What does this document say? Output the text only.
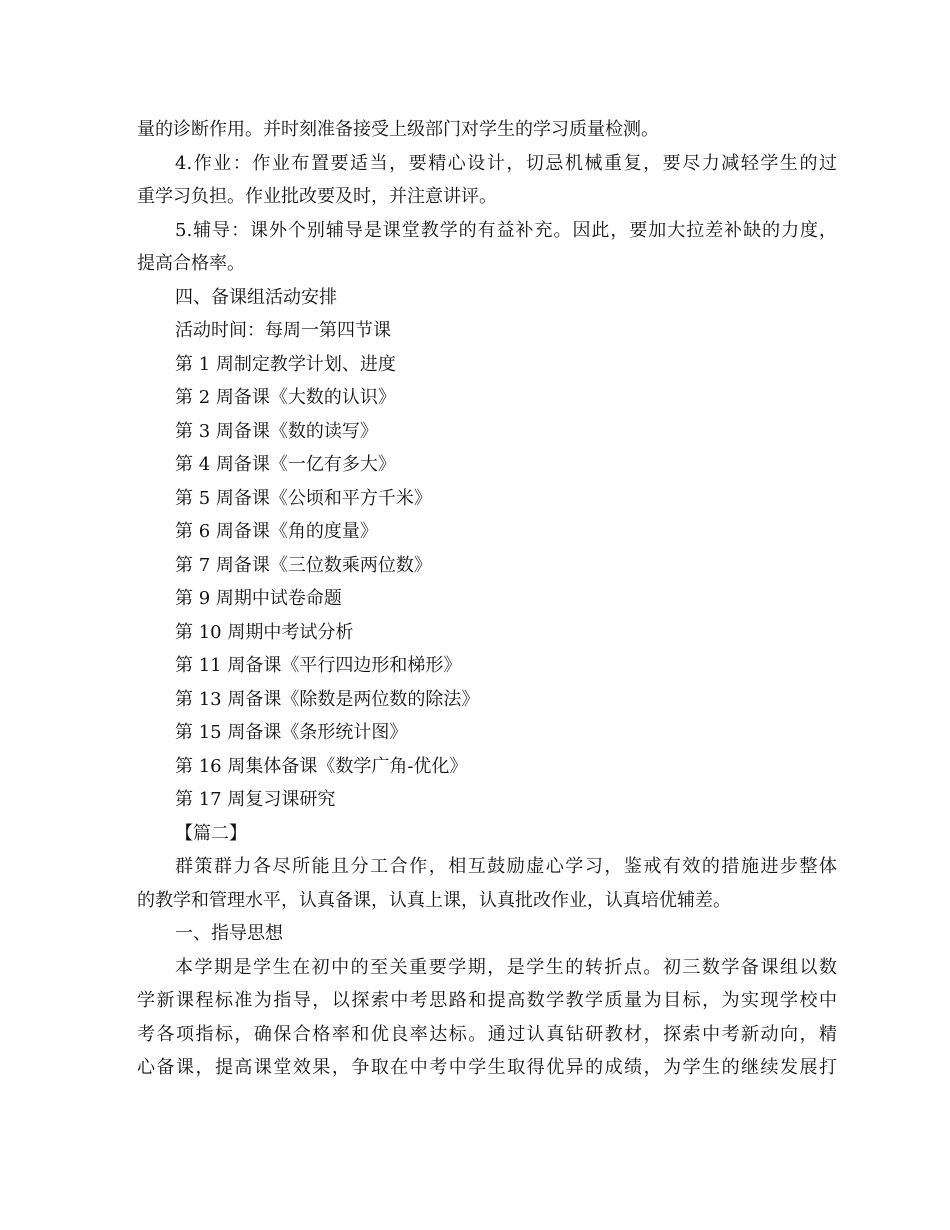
量的诊断作用。并时刻准备接受上级部门对学生的学习质量检测。
4.作业：作业布置要适当，要精心设计，切忌机械重复，要尽力减轻学生的过
重学习负担。作业批改要及时，并注意讲评。
5.辅导：课外个别辅导是课堂教学的有益补充。因此，要加大拉差补缺的力度，
提高合格率。
四、备课组活动安排
活动时间：每周一第四节课
第 1 周制定教学计划、进度
第 2 周备课《大数的认识》
第 3 周备课《数的读写》
第 4 周备课《一亿有多大》
第 5 周备课《公顷和平方千米》
第 6 周备课《角的度量》
第 7 周备课《三位数乘两位数》
第 9 周期中试卷命题
第 10 周期中考试分析
第 11 周备课《平行四边形和梯形》
第 13 周备课《除数是两位数的除法》
第 15 周备课《条形统计图》
第 16 周集体备课《数学广角-优化》
第 17 周复习课研究
【篇二】
群策群力各尽所能且分工合作，相互鼓励虚心学习，鉴戒有效的措施进步整体
的教学和管理水平，认真备课，认真上课，认真批改作业，认真培优辅差。
一、指导思想
本学期是学生在初中的至关重要学期，是学生的转折点。初三数学备课组以数
学新课程标准为指导，以探索中考思路和提高数学教学质量为目标，为实现学校中
考各项指标，确保合格率和优良率达标。通过认真钻研教材，探索中考新动向，精
心备课，提高课堂效果，争取在中考中学生取得优异的成绩，为学生的继续发展打
